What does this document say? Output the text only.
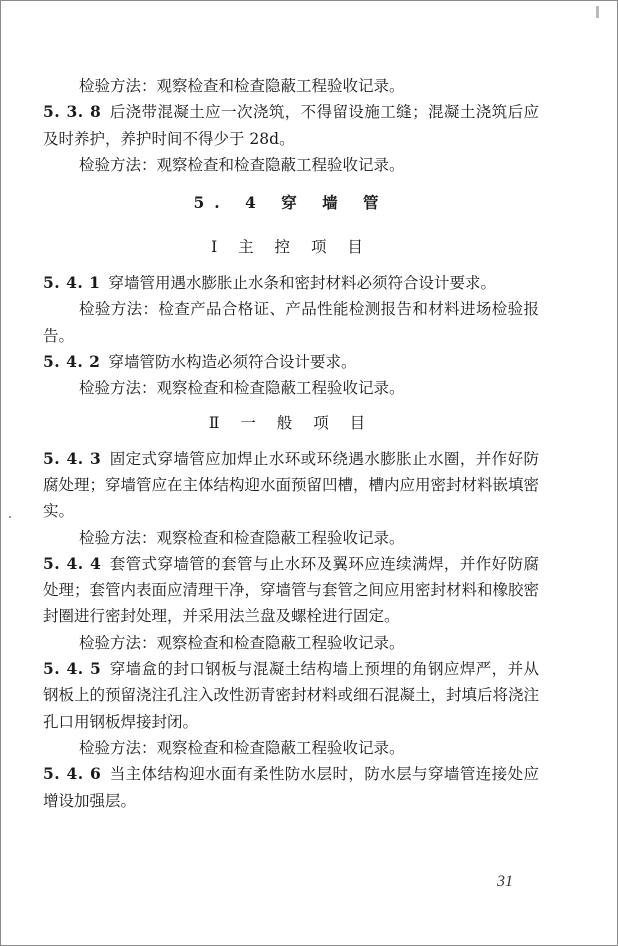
检验方法：观察检查和检查隐蔽工程验收记录。

5. 3. 8 后浇带混凝土应一次浇筑，不得留设施工缝；混凝土浇筑后应及时养护，养护时间不得少于 28d。

检验方法：观察检查和检查隐蔽工程验收记录。

5. 4 穿 墙 管

Ⅰ 主 控 项 目

5. 4. 1 穿墙管用遇水膨胀止水条和密封材料必须符合设计要求。

检验方法：检查产品合格证、产品性能检测报告和材料进场检验报告。

5. 4. 2 穿墙管防水构造必须符合设计要求。

检验方法：观察检查和检查隐蔽工程验收记录。

Ⅱ 一 般 项 目

5. 4. 3 固定式穿墙管应加焊止水环或环绕遇水膨胀止水圈，并作好防腐处理；穿墙管应在主体结构迎水面预留凹槽，槽内应用密封材料嵌填密实。

检验方法：观察检查和检查隐蔽工程验收记录。

5. 4. 4 套管式穿墙管的套管与止水环及翼环应连续满焊，并作好防腐处理；套管内表面应清理干净，穿墙管与套管之间应用密封材料和橡胶密封圈进行密封处理，并采用法兰盘及螺栓进行固定。

检验方法：观察检查和检查隐蔽工程验收记录。

5. 4. 5 穿墙盒的封口钢板与混凝土结构墙上预埋的角钢应焊严，并从钢板上的预留浇注孔注入改性沥青密封材料或细石混凝土，封填后将浇注孔口用钢板焊接封闭。

检验方法：观察检查和检查隐蔽工程验收记录。

5. 4. 6 当主体结构迎水面有柔性防水层时，防水层与穿墙管连接处应增设加强层。

31
